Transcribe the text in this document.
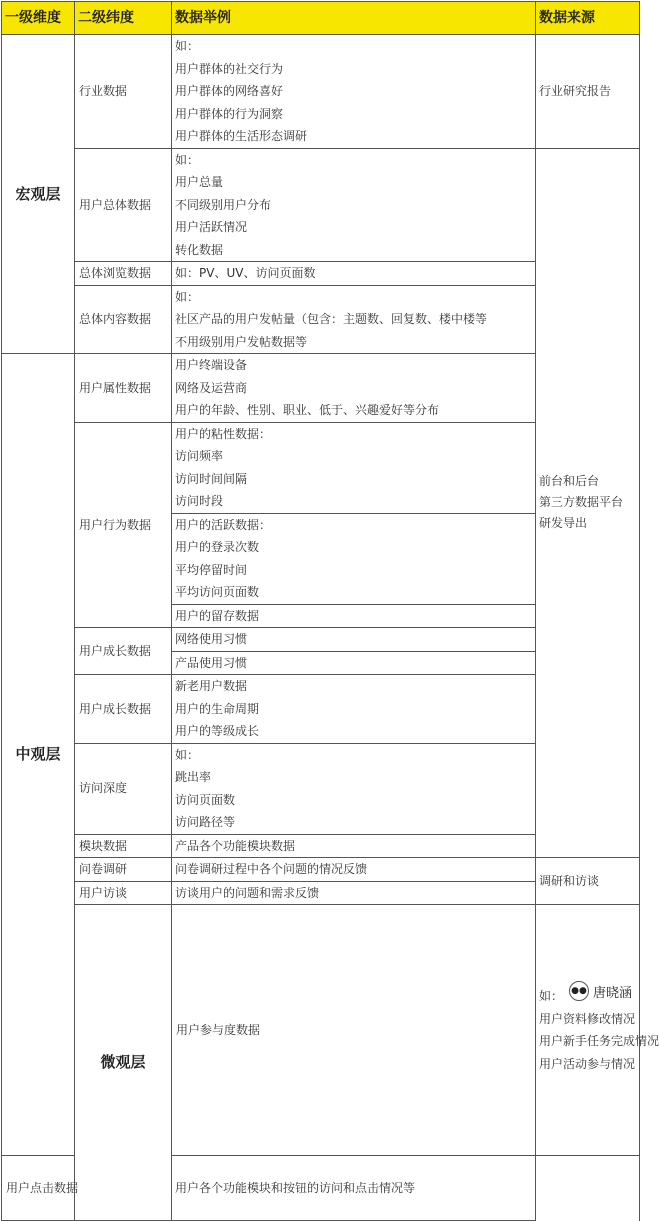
一级维度	二级纬度	数据举例	数据来源	
宏观层	行业数据	如：
用户群体的社交行为
用户群体的网络喜好
用户群体的行为洞察
用户群体的生活形态调研	行业研究报告	
	用户总体数据	如：
用户总量
不同级别用户分布
用户活跃情况
转化数据	前台和后台
第三方数据平台
研发导出	

	总体浏览数据	如：PV、UV、访问页面数		

	总体内容数据	如：
社区产品的用户发帖量（包含：主题数、回复数、楼中楼等
不用级别用户发帖数据等		

中观层	用户属性数据	用户终端设备
网络及运营商
用户的年龄、性别、职业、低于、兴趣爱好等分布		

	用户行为数据	用户的粘性数据：
访问频率
访问时间间隔
访问时段		

		用户的活跃数据：
用户的登录次数
平均停留时间
平均访问页面数		

		用户的留存数据		

	用户成长数据	网络使用习惯		

		产品使用习惯		

	用户成长数据	新老用户数据
用户的生命周期
用户的等级成长		

	访问深度	如：
跳出率
访问页面数
访问路径等		

	模块数据	产品各个功能模块数据		

	问卷调研	问卷调研过程中各个问题的情况反馈	调研和访谈	
	用户访谈	访谈用户的问题和需求反馈		

	微观层	用户参与度数据	如：
用户资料修改情况
用户新手任务完成情况
用户活动参与情况

用户点击数据		用户各个功能模块和按钮的访问和点击情况等		
●● 唐晓涵
